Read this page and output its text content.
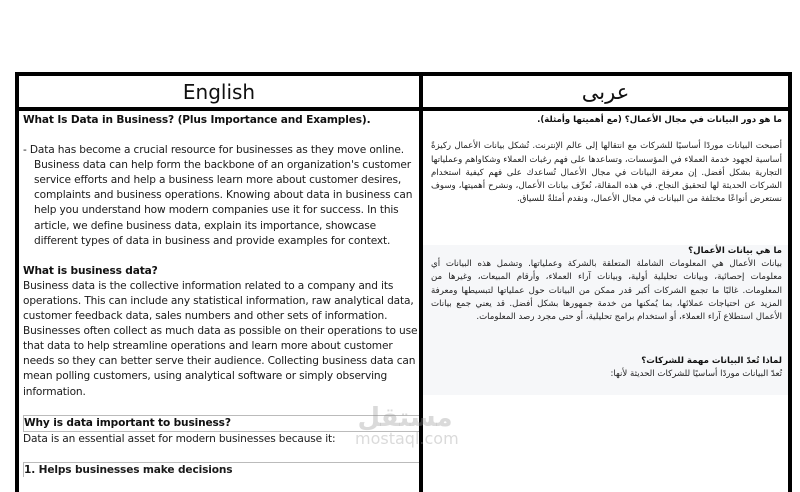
English	عربى
What Is Data in Business? (Plus Importance and Examples).
- Data has become a crucial resource for businesses as they move online. Business data can help form the backbone of an organization's customer service efforts and help a business learn more about customer desires, complaints and business operations. Knowing about data in business can help you understand how modern companies use it for success. In this article, we define business data, explain its importance, showcase different types of data in business and provide examples for context.
What is business data?
Business data is the collective information related to a company and its operations. This can include any statistical information, raw analytical data, customer feedback data, sales numbers and other sets of information. Businesses often collect as much data as possible on their operations to use that data to help streamline operations and learn more about customer needs so they can better serve their audience. Collecting business data can mean polling customers, using analytical software or simply observing information.
Why is data important to business?
Data is an essential asset for modern businesses because it:
1. Helps businesses make decisions
ما هو دور البيانات في مجال الأعمال؟ (مع أهميتها وأمثلة).
أصبحت البيانات موردًا أساسيًا للشركات مع انتقالها إلى عالم الإنترنت. تُشكل بيانات الأعمال ركيزةً أساسية لجهود خدمة العملاء في المؤسسات، وتساعدها على فهم رغبات العملاء وشكاواهم وعملياتها التجارية بشكل أفضل. إن معرفة البيانات في مجال الأعمال تُساعدك على فهم كيفية استخدام الشركات الحديثة لها لتحقيق النجاح. في هذه المقالة، نُعرِّف بيانات الأعمال، ونشرح أهميتها، وسوف نستعرض أنواعًا مختلفة من البيانات في مجال الأعمال، ونقدم أمثلةً للسياق.
ما هي بيانات الأعمال؟
بيانات الأعمال هي المعلومات الشاملة المتعلقة بالشركة وعملياتها. وتشمل هذه البيانات أي معلومات إحصائية، وبيانات تحليلية أولية، وبيانات آراء العملاء، وأرقام المبيعات، وغيرها من المعلومات. غالبًا ما تجمع الشركات أكبر قدر ممكن من البيانات حول عملياتها لتبسيطها ومعرفة المزيد عن احتياجات عملائها، بما يُمكنها من خدمة جمهورها بشكل أفضل. قد يعني جمع بيانات الأعمال استطلاع آراء العملاء، أو استخدام برامج تحليلية، أو حتى مجرد رصد المعلومات.
لماذا تُعدّ البيانات مهمة للشركات؟
تُعدّ البيانات موردًا أساسيًا للشركات الحديثة لأنها:
مستقل
mostaql.com
